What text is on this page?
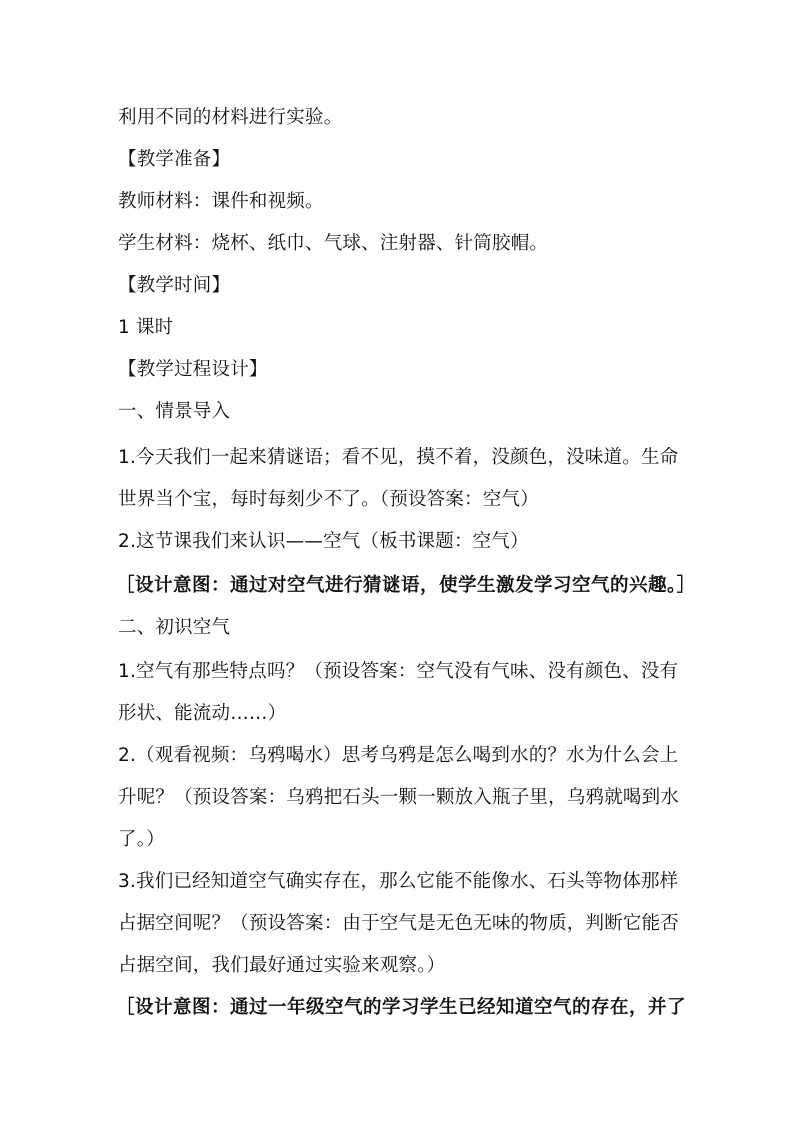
利用不同的材料进行实验。
【教学准备】
教师材料：课件和视频。
学生材料：烧杯、纸巾、气球、注射器、针筒胶帽。
【教学时间】
1 课时
【教学过程设计】
一、情景导入
1.今天我们一起来猜谜语；看不见，摸不着，没颜色，没味道。生命
世界当个宝，每时每刻少不了。（预设答案：空气）
2.这节课我们来认识——空气（板书课题：空气）
［设计意图：通过对空气进行猜谜语，使学生激发学习空气的兴趣。］
二、初识空气
1.空气有那些特点吗？（预设答案：空气没有气味、没有颜色、没有
形状、能流动……）
2.（观看视频：乌鸦喝水）思考乌鸦是怎么喝到水的？水为什么会上
升呢？（预设答案：乌鸦把石头一颗一颗放入瓶子里，乌鸦就喝到水
了。）
3.我们已经知道空气确实存在，那么它能不能像水、石头等物体那样
占据空间呢？（预设答案：由于空气是无色无味的物质，判断它能否
占据空间，我们最好通过实验来观察。）
［设计意图：通过一年级空气的学习学生已经知道空气的存在，并了
